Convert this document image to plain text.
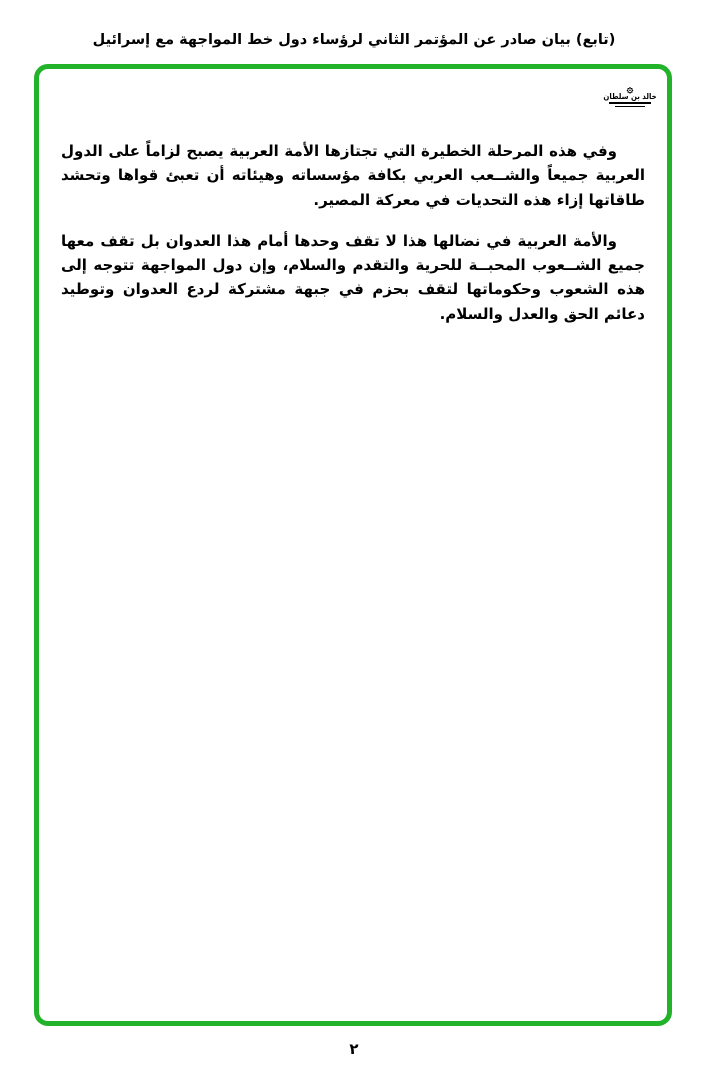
(تابع) بيان صادر عن المؤتمر الثاني لرؤساء دول خط المواجهة مع إسرائيل
۞
خالد بن سلطان

وفي هذه المرحلة الخطيرة التي تجتازها الأمة العربية يصبح لزاماً على الدول العربية جميعاً والشــعب العربي بكافة مؤسساته وهيئاته أن تعبئ قواها وتحشد طاقاتها إزاء هذه التحديات في معركة المصير.

والأمة العربية في نضالها هذا لا تقف وحدها أمام هذا العدوان بل تقف معها جميع الشــعوب المحبــة للحرية والتقدم والسلام، وإن دول المواجهة تتوجه إلى هذه الشعوب وحكوماتها لتقف بحزم في جبهة مشتركة لردع العدوان وتوطيد دعائم الحق والعدل والسلام.

٢
